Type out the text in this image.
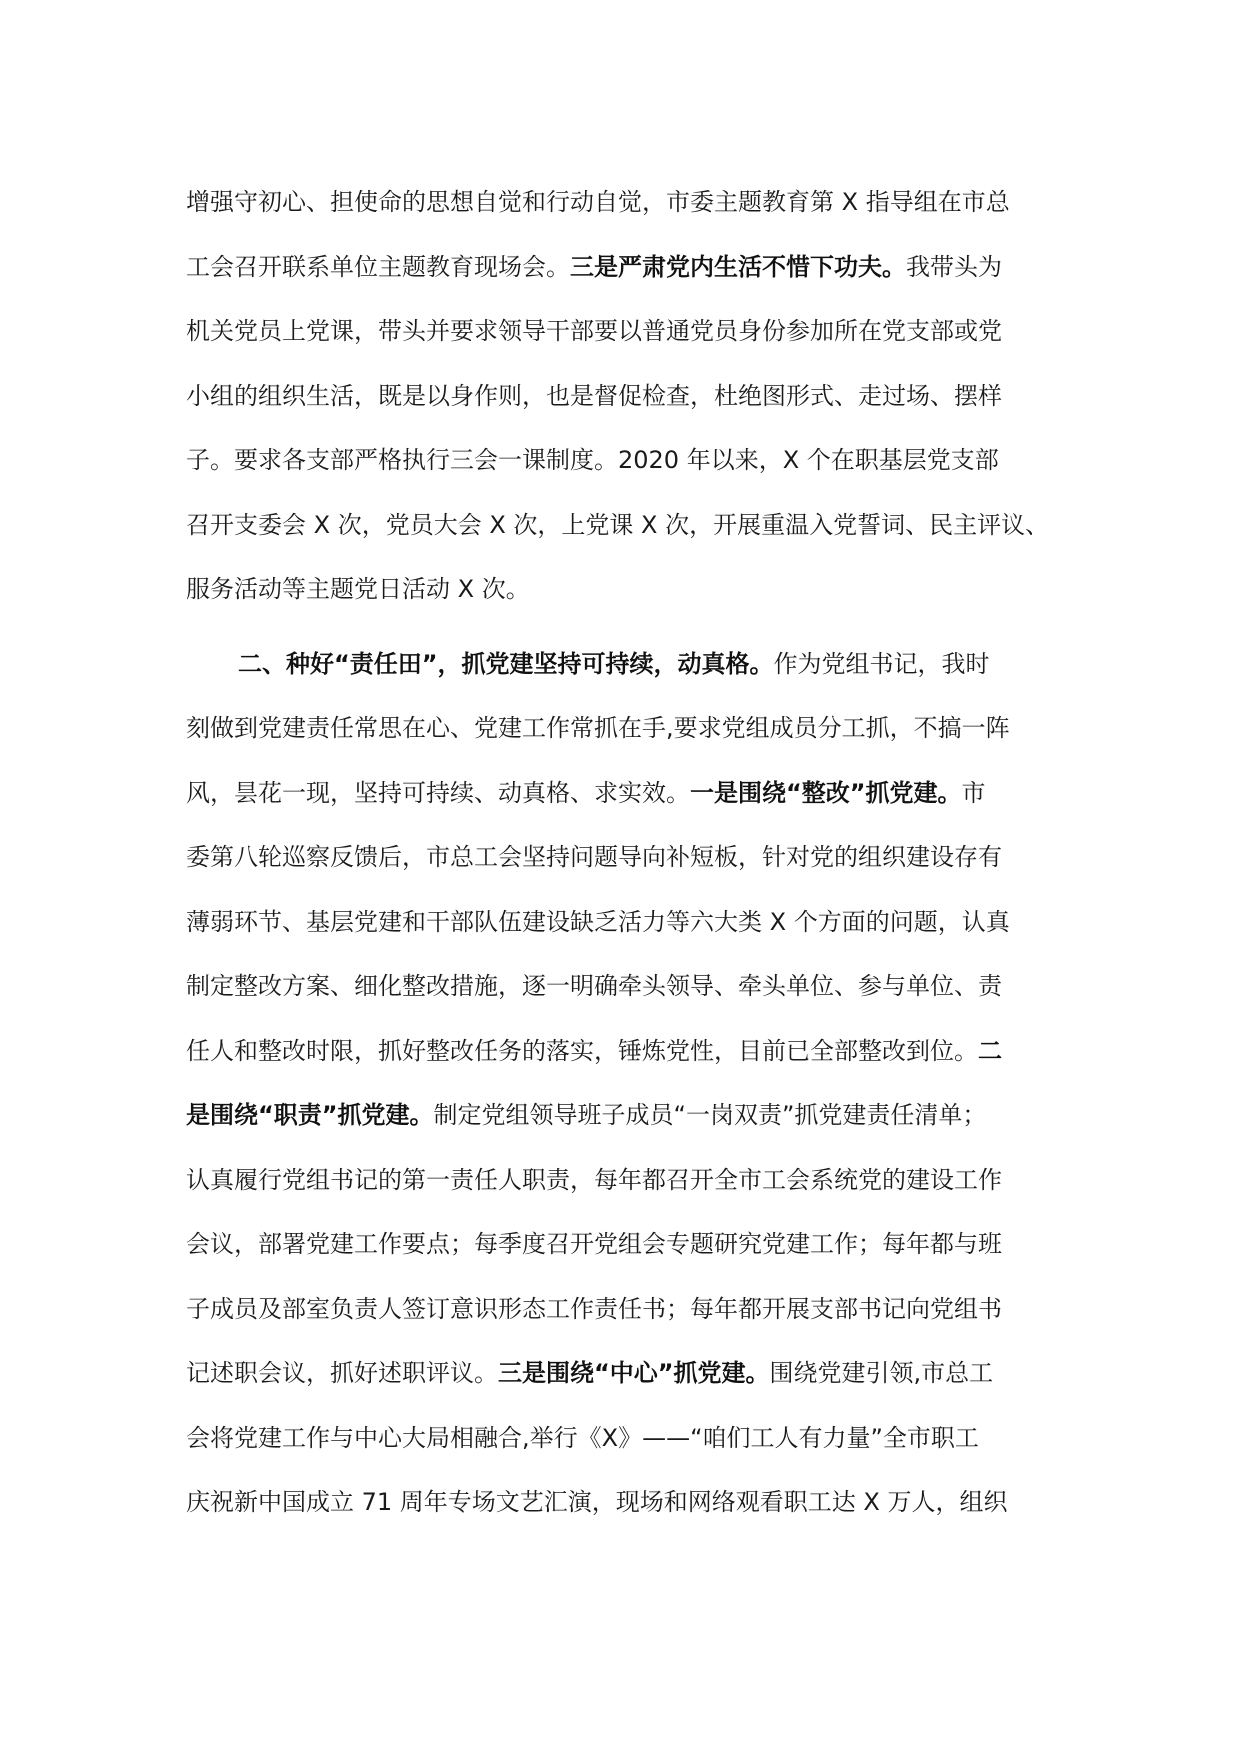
增强守初心、担使命的思想自觉和行动自觉，市委主题教育第 X 指导组在市总
工会召开联系单位主题教育现场会。三是严肃党内生活不惜下功夫。我带头为
机关党员上党课，带头并要求领导干部要以普通党员身份参加所在党支部或党
小组的组织生活，既是以身作则，也是督促检查，杜绝图形式、走过场、摆样
子。要求各支部严格执行三会一课制度。2020 年以来，X 个在职基层党支部
召开支委会 X 次，党员大会 X 次，上党课 X 次，开展重温入党誓词、民主评议、
服务活动等主题党日活动 X 次。
二、种好“责任田”，抓党建坚持可持续，动真格。作为党组书记，我时
刻做到党建责任常思在心、党建工作常抓在手,要求党组成员分工抓，不搞一阵
风，昙花一现，坚持可持续、动真格、求实效。一是围绕“整改”抓党建。市
委第八轮巡察反馈后，市总工会坚持问题导向补短板，针对党的组织建设存有
薄弱环节、基层党建和干部队伍建设缺乏活力等六大类 X 个方面的问题，认真
制定整改方案、细化整改措施，逐一明确牵头领导、牵头单位、参与单位、责
任人和整改时限，抓好整改任务的落实，锤炼党性，目前已全部整改到位。二
是围绕“职责”抓党建。制定党组领导班子成员“一岗双责”抓党建责任清单；
认真履行党组书记的第一责任人职责，每年都召开全市工会系统党的建设工作
会议，部署党建工作要点；每季度召开党组会专题研究党建工作；每年都与班
子成员及部室负责人签订意识形态工作责任书；每年都开展支部书记向党组书
记述职会议，抓好述职评议。三是围绕“中心”抓党建。围绕党建引领,市总工
会将党建工作与中心大局相融合,举行《X》——“咱们工人有力量”全市职工
庆祝新中国成立 71 周年专场文艺汇演，现场和网络观看职工达 X 万人，组织
